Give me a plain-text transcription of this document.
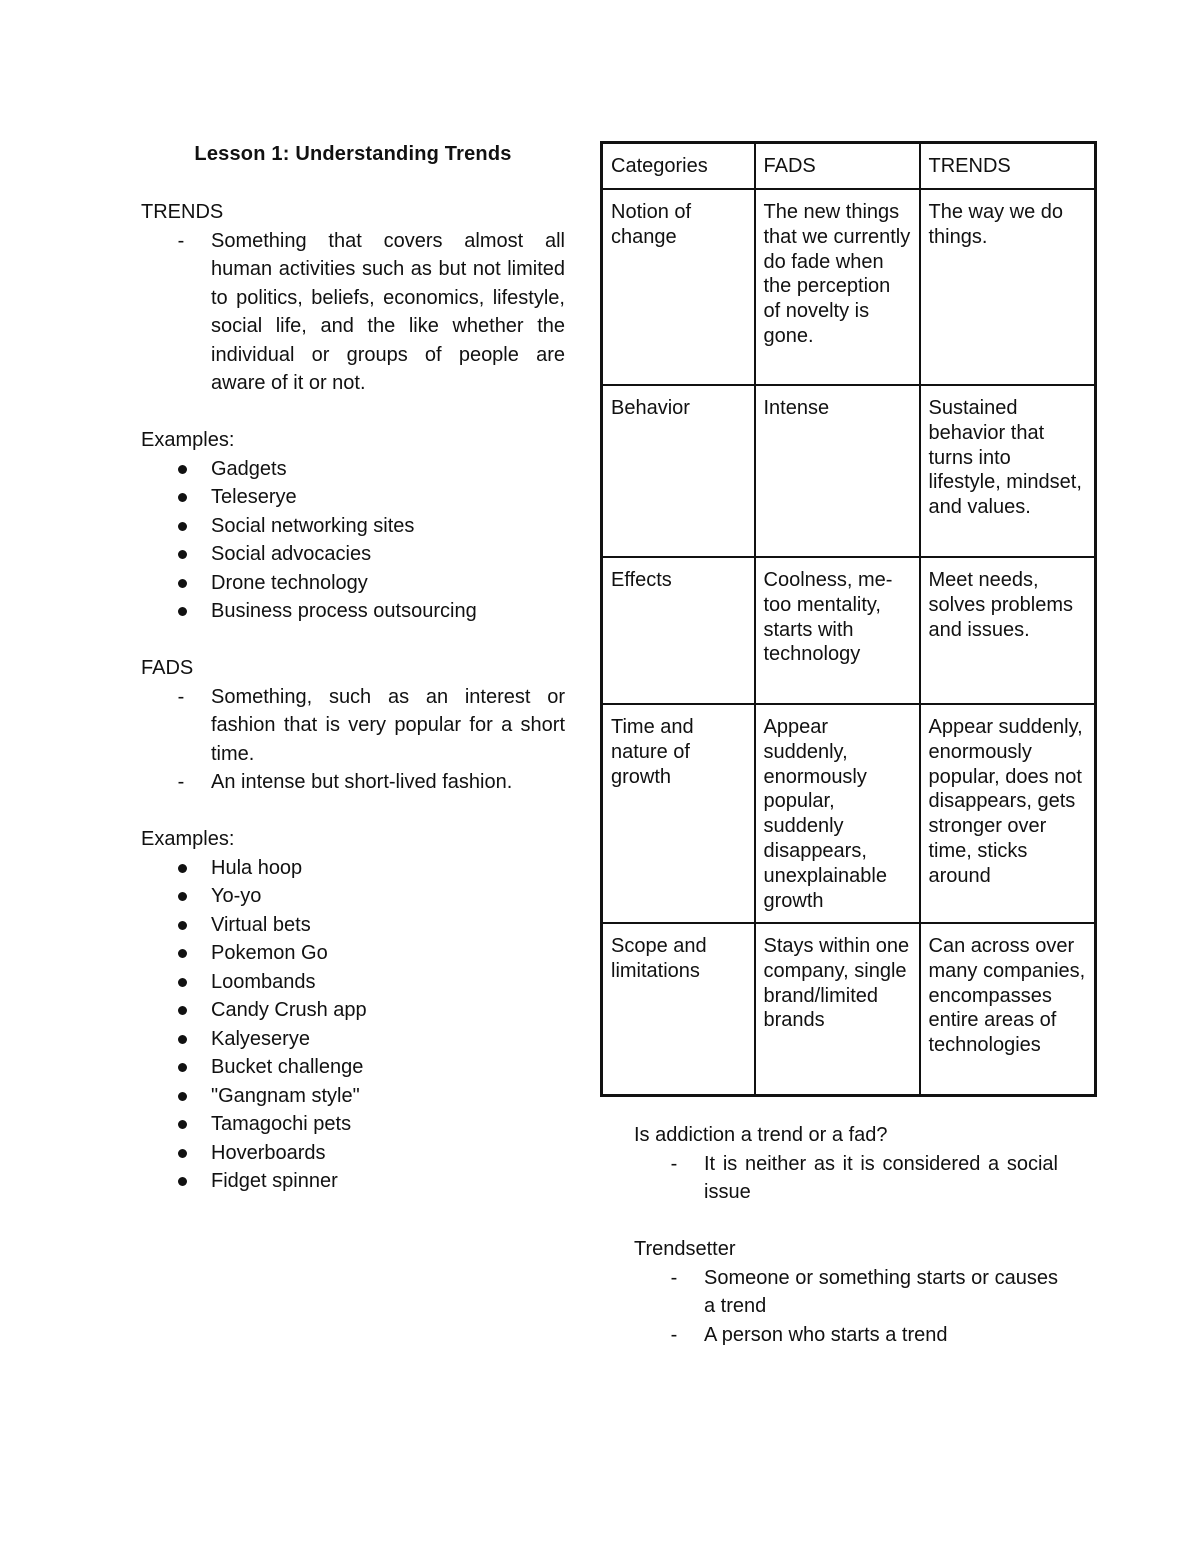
Lesson 1: Understanding Trends

TRENDS

- Something that covers almost all human activities such as but not limited to politics, beliefs, economics, lifestyle, social life, and the like whether the individual or groups of people are aware of it or not.

Examples:

Gadgets
Teleserye
Social networking sites
Social advocacies
Drone technology
Business process outsourcing

FADS

- Something, such as an interest or fashion that is very popular for a short time.
- An intense but short-lived fashion.

Examples:

Hula hoop
Yo-yo
Virtual bets
Pokemon Go
Loombands
Candy Crush app
Kalyeserye
Bucket challenge
"Gangnam style"
Tamagochi pets
Hoverboards
Fidget spinner
Categories	FADS	TRENDS
Notion of change	The new things that we currently do fade when the perception of novelty is gone.	The way we do things.
Behavior	Intense	Sustained behavior that turns into lifestyle, mindset, and values.
Effects	Coolness, me-too mentality, starts with technology	Meet needs, solves problems and issues.
Time and nature of growth	Appear suddenly, enormously popular, suddenly disappears, unexplainable growth	Appear suddenly, enormously popular, does not disappears, gets stronger over time, sticks around
Scope and limitations	Stays within one company, single brand/limited brands	Can across over many companies, encompasses entire areas of technologies

Is addiction a trend or a fad?

- It is neither as it is considered a social issue

Trendsetter

- Someone or something starts or causes a trend
- A person who starts a trend
